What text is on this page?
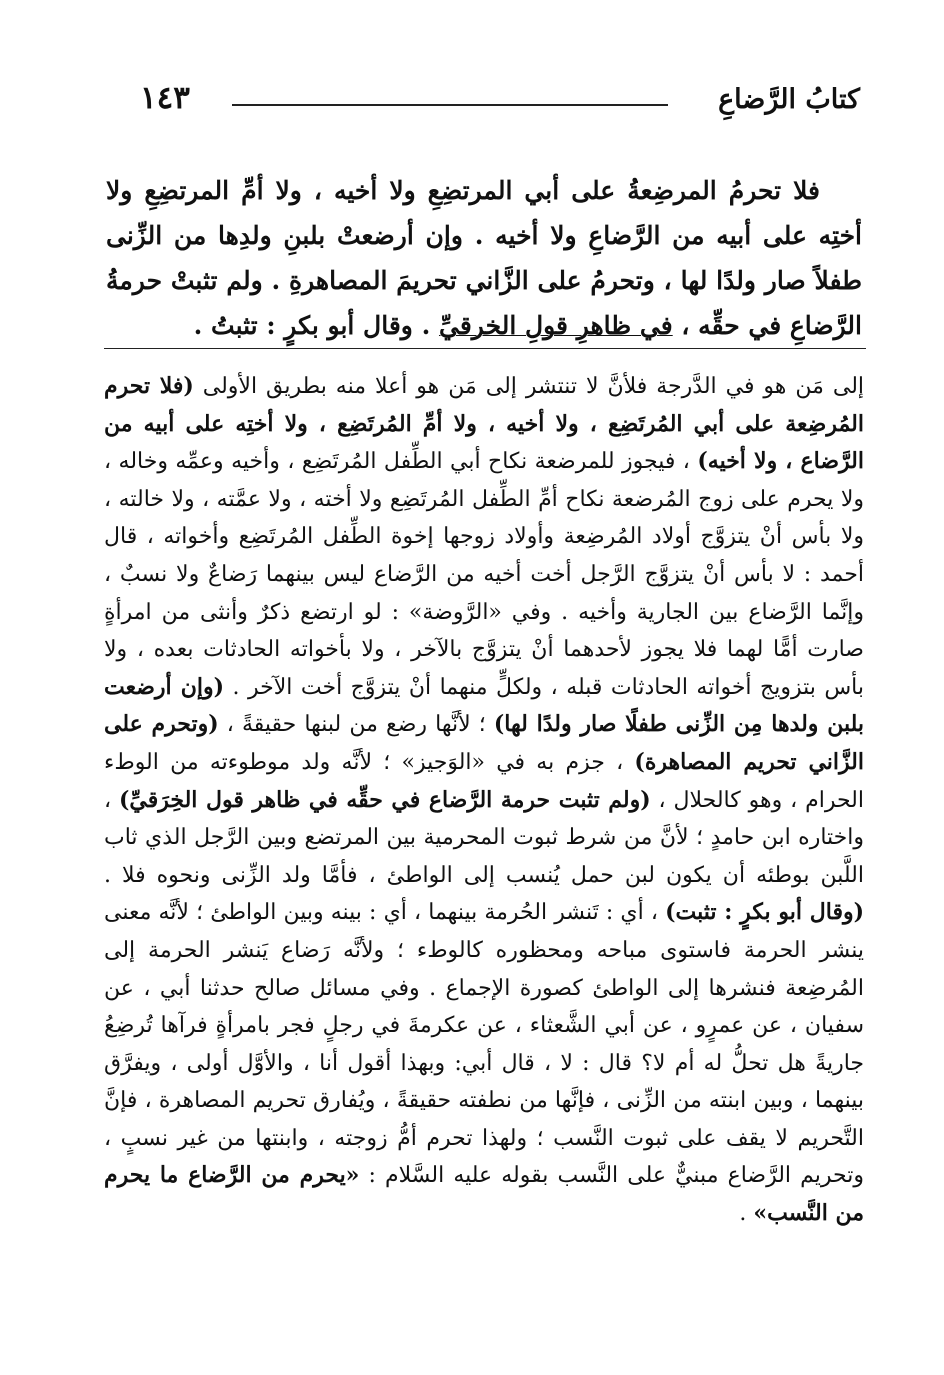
كتابُ الرَّضاعِ
١٤٣

فلا تحرمُ المرضِعةُ على أبي المرتضِعِ ولا أخيه ، ولا أمِّ المرتضِعِ ولا أختِه على أبيه من الرَّضاعِ ولا أخيه . وإن أرضعتْ بلبنِ ولدِها من الزِّنى طفلاً صار ولدًا لها ، وتحرمُ على الزَّاني تحريمَ المصاهرةِ . ولم تثبتْ حرمةُ الرَّضاعِ في حقِّه ، في ظاهرِ قولِ الخرقيِّ . وقال أبو بكرٍ : تثبتُ .

إلى مَن هو في الدَّرجة فلأنَّ لا تنتشر إلى مَن هو أعلا منه بطريق الأولى (فلا تحرم المُرضِعة على أبي المُرتَضِع ، ولا أخيه ، ولا أمِّ المُرتَضِع ، ولا أختِه على أبيه من الرَّضاع ، ولا أخيه) ، فيجوز للمرضعة نكاح أبي الطِّفل المُرتَضِع ، وأخيه وعمِّه وخاله ، ولا يحرم على زوج المُرضعة نكاح أمِّ الطِّفل المُرتَضِع ولا أخته ، ولا عمَّته ، ولا خالته ، ولا بأس أنْ يتزوَّج أولاد المُرضِعة وأولاد زوجها إخوة الطِّفل المُرتَضِع وأخواته ، قال أحمد : لا بأس أنْ يتزوَّج الرَّجل أخت أخيه من الرَّضاع ليس بينهما رَضاعٌ ولا نسبٌ ، وإنَّما الرَّضاع بين الجارية وأخيه . وفي «الرَّوضة» : لو ارتضع ذكرٌ وأنثى من امرأةٍ صارت أمًّا لهما فلا يجوز لأحدهما أنْ يتزوَّج بالآخر ، ولا بأخواته الحادثات بعده ، ولا بأس بتزويج أخواته الحادثات قبله ، ولكلٍّ منهما أنْ يتزوَّج أخت الآخر . (وإن أرضعت بلبن ولدها مِن الزِّنى طفلًا صار ولدًا لها) ؛ لأنَّها رضع من لبنها حقيقةً ، (وتحرم على الزَّاني تحريم المصاهرة) ، جزم به في «الوَجيز» ؛ لأنَّه ولد موطوءته من الوطء الحرام ، وهو كالحلال ، (ولم تثبت حرمة الرَّضاع في حقِّه في ظاهر قول الخِرَقيِّ) ، واختاره ابن حامدٍ ؛ لأنَّ من شرط ثبوت المحرمية بين المرتضع وبين الرَّجل الذي ثاب اللَّبن بوطئه أن يكون لبن حمل يُنسب إلى الواطئ ، فأمَّا ولد الزِّنى ونحوه فلا . (وقال أبو بكرٍ : تثبت) ، أي : تَنشر الحُرمة بينهما ، أي : بينه وبين الواطئ ؛ لأنَّه معنى ينشر الحرمة فاستوى مباحه ومحظوره كالوطء ؛ ولأنَّه رَضاع يَنشر الحرمة إلى المُرضِعة فنشرها إلى الواطئ كصورة الإجماع . وفي مسائل صالح حدثنا أبي ، عن سفيان ، عن عمرٍو ، عن أبي الشَّعثاء ، عن عكرمةَ في رجلٍ فجر بامرأةٍ فرآها تُرضِعُ جاريةً هل تحلُّ له أم لا؟ قال : لا ، قال أبي: وبهذا أقول أنا ، والأوَّل أولى ، ويفرَّق بينهما ، وبين ابنته من الزِّنى ، فإنَّها من نطفته حقيقةً ، ويُفارق تحريم المصاهرة ، فإنَّ التَّحريم لا يقف على ثبوت النَّسب ؛ ولهذا تحرم أمُّ زوجته ، وابنتها من غير نسبٍ ، وتحريم الرَّضاع مبنيٌّ على النَّسب بقوله عليه السَّلام : «يحرم من الرَّضاع ما يحرم من النَّسب» .
